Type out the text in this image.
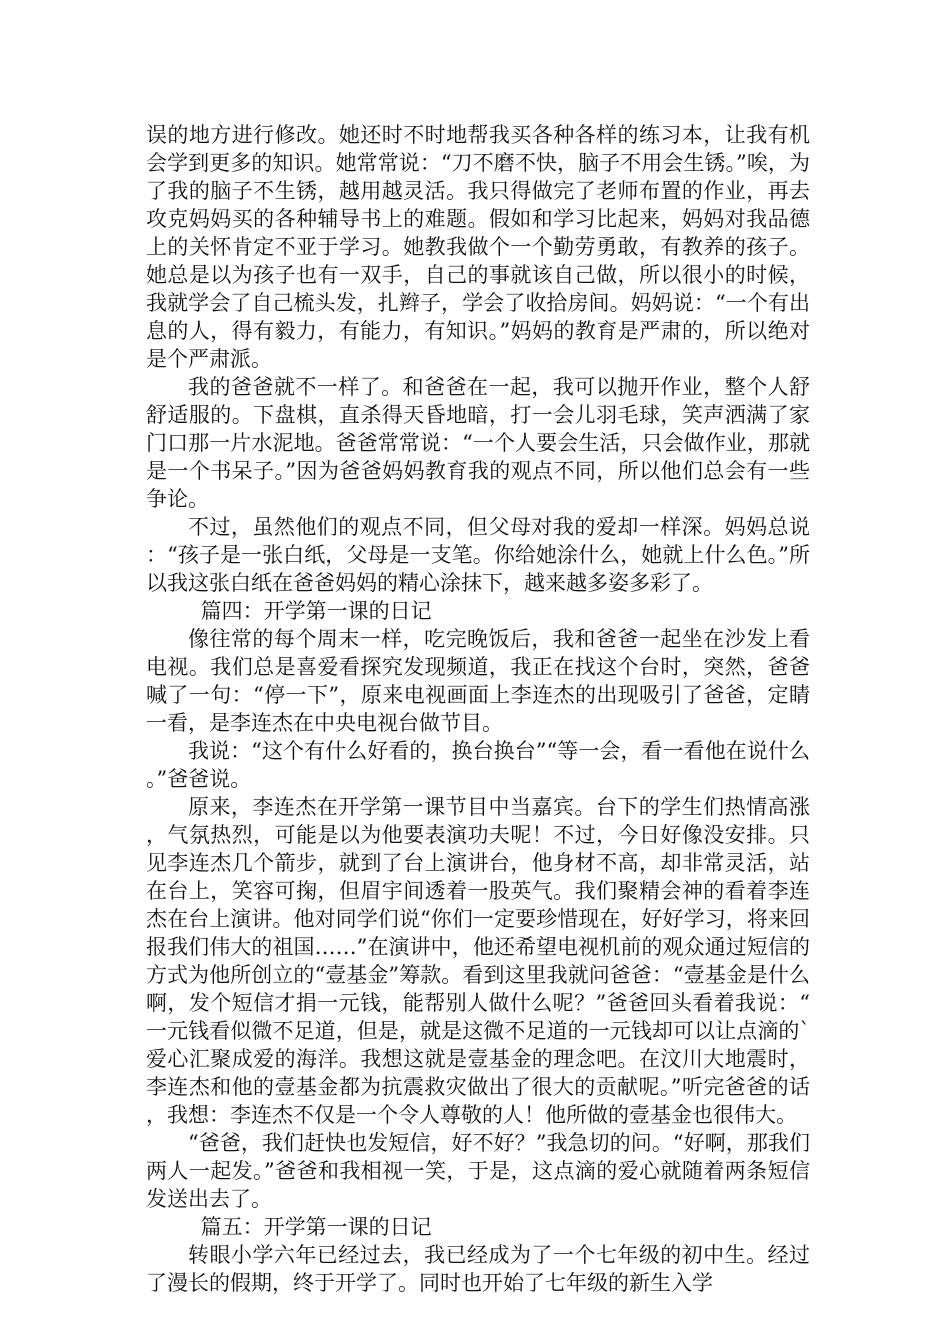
误的地方进行修改。她还时不时地帮我买各种各样的练习本，让我有机会学到更多的知识。她常常说：“刀不磨不快，脑子不用会生锈。”唉，为了我的脑子不生锈，越用越灵活。我只得做完了老师布置的作业，再去攻克妈妈买的各种辅导书上的难题。假如和学习比起来，妈妈对我品德上的关怀肯定不亚于学习。她教我做个一个勤劳勇敢，有教养的孩子。她总是以为孩子也有一双手，自己的事就该自己做，所以很小的时候，我就学会了自己梳头发，扎辫子，学会了收拾房间。妈妈说：“一个有出息的人，得有毅力，有能力，有知识。”妈妈的教育是严肃的，所以绝对是个严肃派。

我的爸爸就不一样了。和爸爸在一起，我可以抛开作业，整个人舒舒适服的。下盘棋，直杀得天昏地暗，打一会儿羽毛球，笑声洒满了家门口那一片水泥地。爸爸常常说：“一个人要会生活，只会做作业，那就是一个书呆子。”因为爸爸妈妈教育我的观点不同，所以他们总会有一些争论。

不过，虽然他们的观点不同，但父母对我的爱却一样深。妈妈总说：“孩子是一张白纸，父母是一支笔。你给她涂什么，她就上什么色。”所以我这张白纸在爸爸妈妈的精心涂抹下，越来越多姿多彩了。

篇四：开学第一课的日记

像往常的每个周末一样，吃完晚饭后，我和爸爸一起坐在沙发上看电视。我们总是喜爱看探究发现频道，我正在找这个台时，突然，爸爸喊了一句：“停一下”，原来电视画面上李连杰的出现吸引了爸爸，定睛一看，是李连杰在中央电视台做节目。

我说：“这个有什么好看的，换台换台”“等一会，看一看他在说什么。”爸爸说。

原来，李连杰在开学第一课节目中当嘉宾。台下的学生们热情高涨，气氛热烈，可能是以为他要表演功夫呢！不过，今日好像没安排。只见李连杰几个箭步，就到了台上演讲台，他身材不高，却非常灵活，站在台上，笑容可掬，但眉宇间透着一股英气。我们聚精会神的看着李连杰在台上演讲。他对同学们说“你们一定要珍惜现在，好好学习，将来回报我们伟大的祖国……”在演讲中，他还希望电视机前的观众通过短信的方式为他所创立的“壹基金”筹款。看到这里我就问爸爸：“壹基金是什么啊，发个短信才捐一元钱，能帮别人做什么呢？”爸爸回头看着我说：“一元钱看似微不足道，但是，就是这微不足道的一元钱却可以让点滴的`爱心汇聚成爱的海洋。我想这就是壹基金的理念吧。在汶川大地震时，李连杰和他的壹基金都为抗震救灾做出了很大的贡献呢。”听完爸爸的话，我想：李连杰不仅是一个令人尊敬的人！他所做的壹基金也很伟大。

“爸爸，我们赶快也发短信，好不好？”我急切的问。“好啊，那我们两人一起发。”爸爸和我相视一笑，于是，这点滴的爱心就随着两条短信发送出去了。

篇五：开学第一课的日记

转眼小学六年已经过去，我已经成为了一个七年级的初中生。经过了漫长的假期，终于开学了。同时也开始了七年级的新生入学
